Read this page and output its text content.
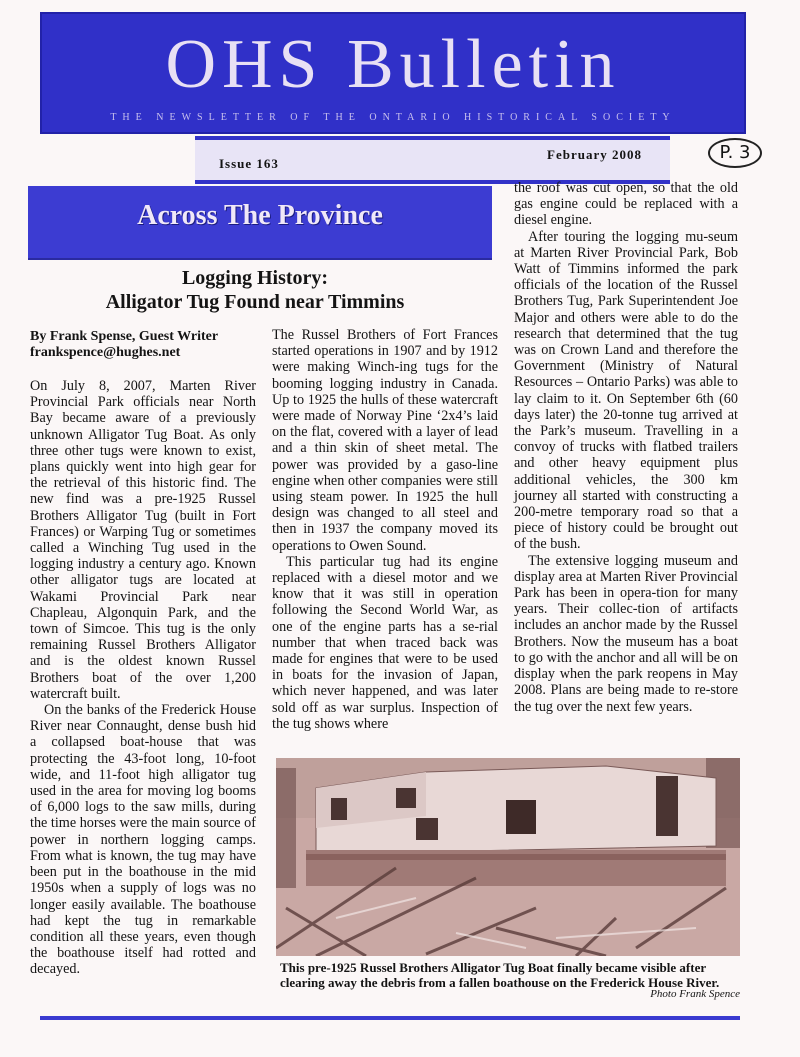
OHS Bulletin
THE NEWSLETTER OF THE ONTARIO HISTORICAL SOCIETY
Issue 163
February 2008	P. 3
Across The Province
Logging History:
Alligator Tug Found near Timmins
By Frank Spense, Guest Writer
frankspence@hughes.net

On July 8, 2007, Marten River Provincial Park officials near North Bay became aware of a previously unknown Alligator Tug Boat. As only three other tugs were known to exist, plans quickly went into high gear for the retrieval of this historic find. The new find was a pre-1925 Russel Brothers Alligator Tug (built in Fort Frances) or Warping Tug or sometimes called a Winching Tug used in the logging industry a century ago. Known other alligator tugs are located at Wakami Provincial Park near Chapleau, Algonquin Park, and the town of Simcoe. This tug is the only remaining Russel Brothers Alligator and is the oldest known Russel Brothers boat of the over 1,200 watercraft built.

On the banks of the Frederick House River near Connaught, dense bush hid a collapsed boat-house that was protecting the 43-foot long, 10-foot wide, and 11-foot high alligator tug used in the area for moving log booms of 6,000 logs to the saw mills, during the time horses were the main source of power in northern logging camps. From what is known, the tug may have been put in the boathouse in the mid 1950s when a supply of logs was no longer easily available. The boathouse had kept the tug in remarkable condition all these years, even though the boathouse itself had rotted and decayed.

The Russel Brothers of Fort Frances started operations in 1907 and by 1912 were making Winch-ing tugs for the booming logging industry in Canada. Up to 1925 the hulls of these watercraft were made of Norway Pine ‘2x4’s laid on the flat, covered with a layer of lead and a thin skin of sheet metal. The power was provided by a gaso-line engine when other companies were still using steam power. In 1925 the hull design was changed to all steel and then in 1937 the company moved its operations to Owen Sound.

This particular tug had its engine replaced with a diesel motor and we know that it was still in operation following the Second World War, as one of the engine parts has a se-rial number that when traced back was made for engines that were to be used in boats for the invasion of Japan, which never happened, and was later sold off as war surplus. Inspection of the tug shows where

the roof was cut open, so that the old gas engine could be replaced with a diesel engine.

After touring the logging mu-seum at Marten River Provincial Park, Bob Watt of Timmins informed the park officials of the location of the Russel Brothers Tug, Park Superintendent Joe Major and others were able to do the research that determined that the tug was on Crown Land and therefore the Government (Ministry of Natural Resources – Ontario Parks) was able to lay claim to it. On September 6th (60 days later) the 20-tonne tug arrived at the Park’s museum. Travelling in a convoy of trucks with flatbed trailers and other heavy equipment plus additional vehicles, the 300 km journey all started with constructing a 200-metre temporary road so that a piece of history could be brought out of the bush.

The extensive logging museum and display area at Marten River Provincial Park has been in opera-tion for many years. Their collec-tion of artifacts includes an anchor made by the Russel Brothers. Now the museum has a boat to go with the anchor and all will be on display when the park reopens in May 2008. Plans are being made to re-store the tug over the next few years.

This pre-1925 Russel Brothers Alligator Tug Boat finally became visible after clearing away the debris from a fallen boathouse on the Frederick House River.
Photo Frank Spence
